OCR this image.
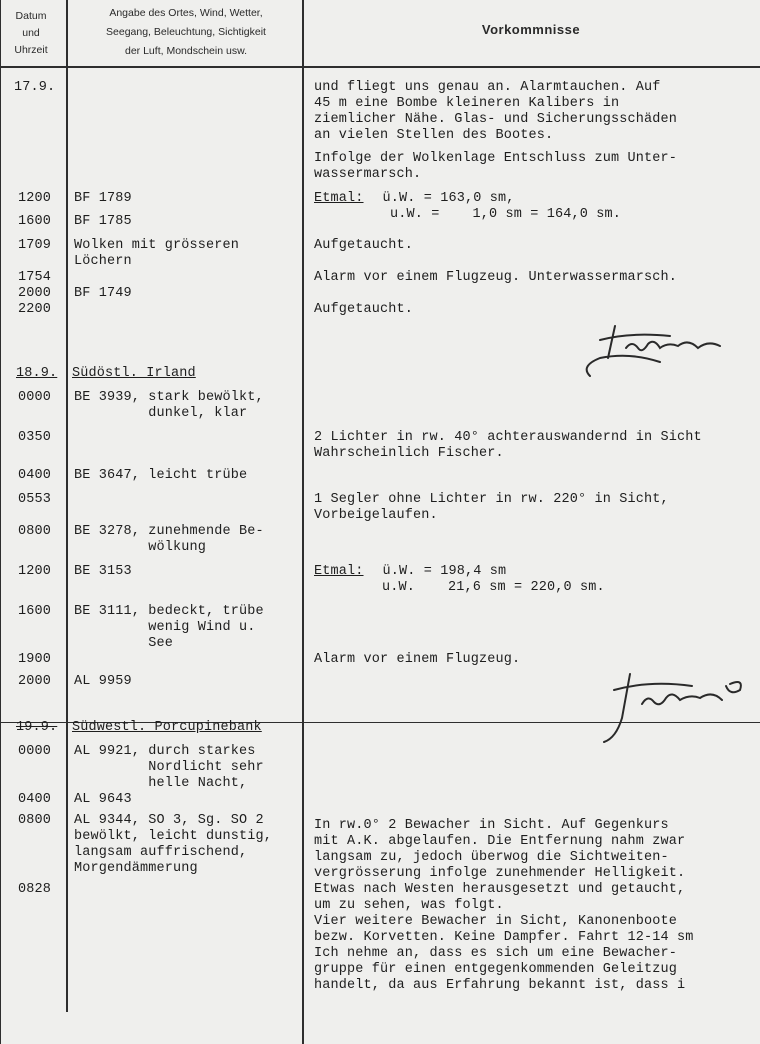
Datum
und
Uhrzeit
Angabe des Ortes, Wind, Wetter,
Seegang, Beleuchtung, Sichtigkeit
der Luft, Mondschein usw.
Vorkommnisse
17.9.
1200
1600
1709
1754
2000
2200
18.9.
0000
0350
0400
0553
0800
1200
1600
1900
2000
19.9.
0000
0400
0800
0828
BF 1789
BF 1785
Wolken mit grösseren
Löchern
BF 1749
Südöstl. Irland
BE 3939, stark bewölkt,
dunkel, klar
BE 3647, leicht trübe
BE 3278, zunehmende Be-
wölkung
BE 3153
BE 3111, bedeckt, trübe
wenig Wind u.
See
AL 9959
Südwestl. Porcupinebank
AL 9921, durch starkes
Nordlicht sehr
helle Nacht,
AL 9643
AL 9344, SO 3, Sg. SO 2
bewölkt, leicht dunstig,
langsam auffrischend,
Morgendämmerung
und fliegt uns genau an. Alarmtauchen. Auf
45 m eine Bombe kleineren Kalibers in
ziemlicher Nähe. Glas- und Sicherungsschäden
an vielen Stellen des Bootes.
Infolge der Wolkenlage Entschluss zum Unter-
wassermarsch.
Etmal: ü.W. = 163,0 sm,
u.W. =    1,0 sm = 164,0 sm.
Aufgetaucht.
Alarm vor einem Flugzeug. Unterwassermarsch.
Aufgetaucht.
2 Lichter in rw. 40° achterauswandernd in Sicht
Wahrscheinlich Fischer.
1 Segler ohne Lichter in rw. 220° in Sicht,
Vorbeigelaufen.
Etmal: ü.W. = 198,4 sm
u.W.    21,6 sm = 220,0 sm.
Alarm vor einem Flugzeug.
In rw.0° 2 Bewacher in Sicht. Auf Gegenkurs
mit A.K. abgelaufen. Die Entfernung nahm zwar
langsam zu, jedoch überwog die Sichtweiten-
vergrösserung infolge zunehmender Helligkeit.
Etwas nach Westen herausgesetzt und getaucht,
um zu sehen, was folgt.
Vier weitere Bewacher in Sicht, Kanonenboote
bezw. Korvetten. Keine Dampfer. Fahrt 12-14 sm
Ich nehme an, dass es sich um eine Bewacher-
gruppe für einen entgegenkommenden Geleitzug
handelt, da aus Erfahrung bekannt ist, dass i
